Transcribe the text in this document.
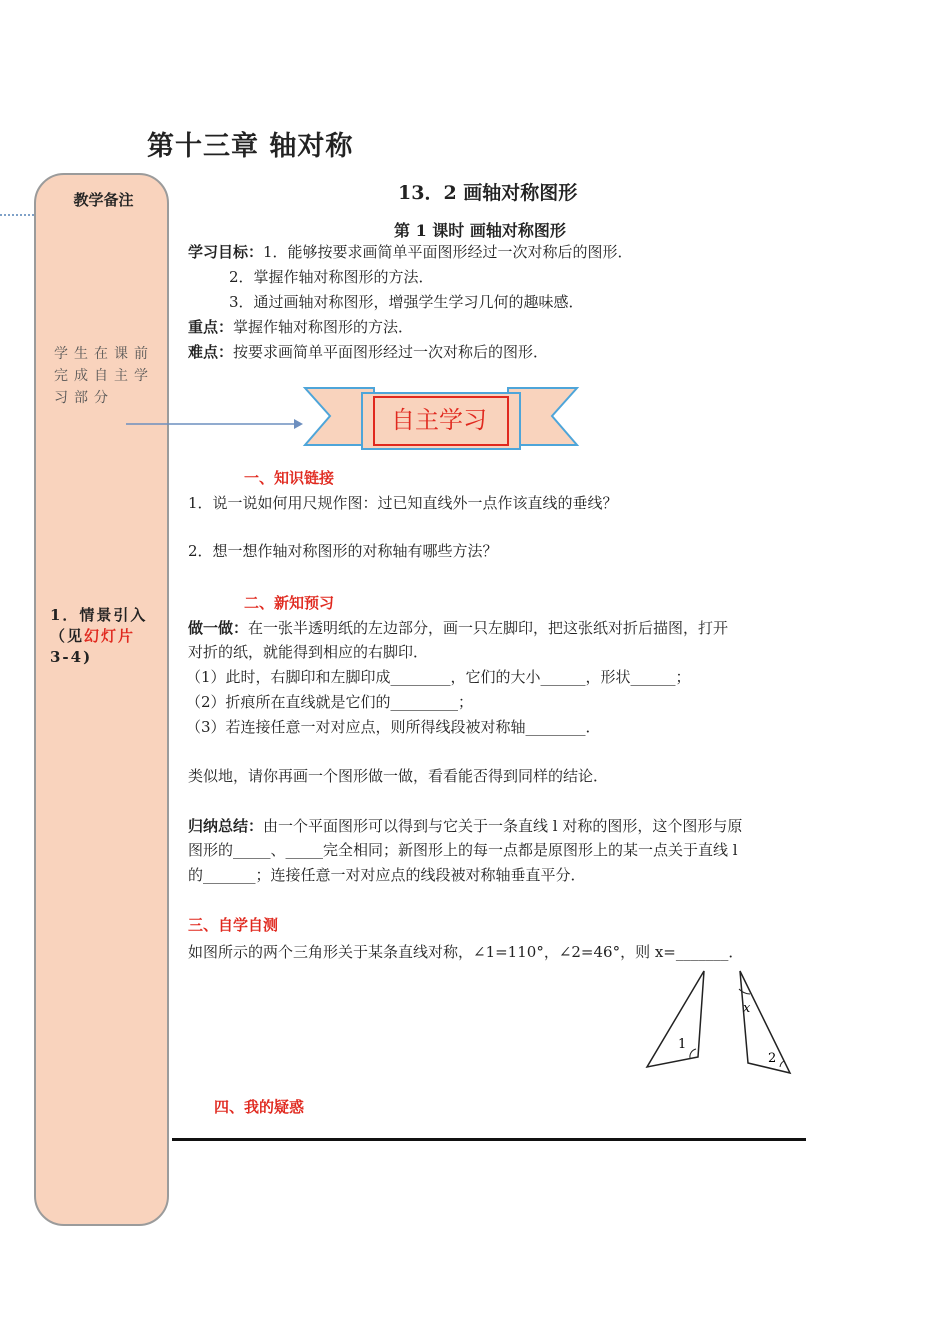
第十三章 轴对称
教学备注
学生在课前完成自主学习部分
1．情景引入（见幻灯片
3-4)
13．2 画轴对称图形
第 1 课时 画轴对称图形
学习目标：1．能够按要求画简单平面图形经过一次对称后的图形．
2．掌握作轴对称图形的方法．
3．通过画轴对称图形，增强学生学习几何的趣味感．
重点：掌握作轴对称图形的方法．
难点：按要求画简单平面图形经过一次对称后的图形．
自主学习
一、知识链接
1．说一说如何用尺规作图：过已知直线外一点作该直线的垂线？
2．想一想作轴对称图形的对称轴有哪些方法？
二、新知预习
做一做：在一张半透明纸的左边部分，画一只左脚印，把这张纸对折后描图，打开
对折的纸，就能得到相应的右脚印．
（1）此时，右脚印和左脚印成________，它们的大小______，形状______；
（2）折痕所在直线就是它们的_________；
（3）若连接任意一对对应点，则所得线段被对称轴________．
类似地，请你再画一个图形做一做，看看能否得到同样的结论．
归纳总结：由一个平面图形可以得到与它关于一条直线 l 对称的图形，这个图形与原
图形的_____、_____完全相同；新图形上的每一点都是原图形上的某一点关于直线 l
的_______；连接任意一对对应点的线段被对称轴垂直平分．
三、自学自测
如图所示的两个三角形关于某条直线对称，∠1=110°，∠2=46°，则 x=_______．
1
x
2
四、我的疑惑
